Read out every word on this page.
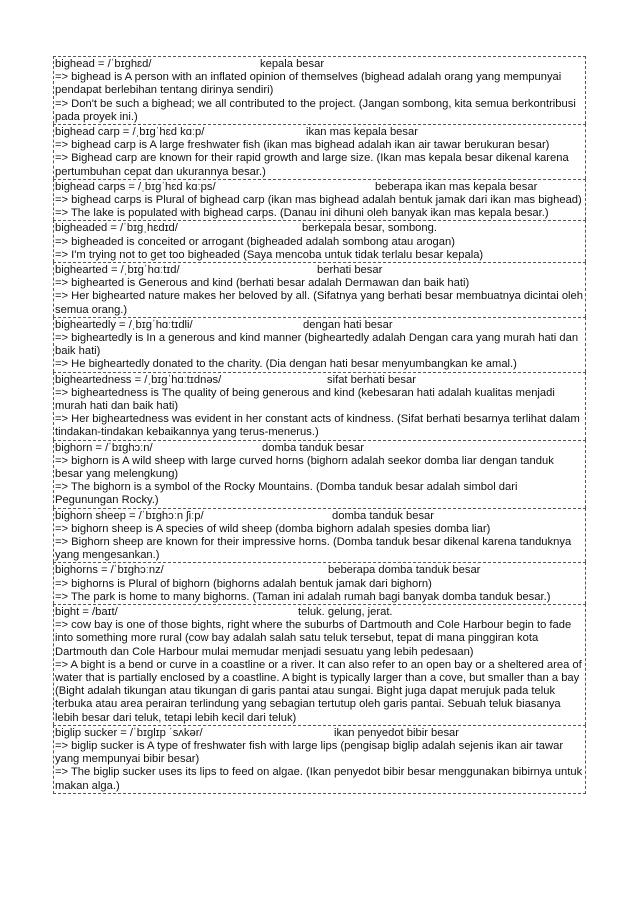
bighead = /ˈbɪɡhɛd/	kepala besar
=> bighead is A person with an inflated opinion of themselves (bighead adalah orang yang mempunyai pendapat berlebihan tentang dirinya sendiri)
=> Don't be such a bighead; we all contributed to the project. (Jangan sombong, kita semua berkontribusi pada proyek ini.)
bighead carp = /ˌbɪɡˈhɛd kɑːp/	ikan mas kepala besar
=> bighead carp is A large freshwater fish (ikan mas bighead adalah ikan air tawar berukuran besar)
=> Bighead carp are known for their rapid growth and large size. (Ikan mas kepala besar dikenal karena pertumbuhan cepat dan ukurannya besar.)
bighead carps = /ˌbɪɡˈhɛd kɑːps/	beberapa ikan mas kepala besar
=> bighead carps is Plural of bighead carp (ikan mas bighead adalah bentuk jamak dari ikan mas bighead)
=> The lake is populated with bighead carps. (Danau ini dihuni oleh banyak ikan mas kepala besar.)
bigheaded = /ˈbɪɡˌhɛdɪd/	berkepala besar, sombong.
=> bigheaded is conceited or arrogant (bigheaded adalah sombong atau arogan)
=> I'm trying not to get too bigheaded (Saya mencoba untuk tidak terlalu besar kepala)
bighearted = /ˌbɪɡˈhɑːtɪd/	berhati besar
=> bighearted is Generous and kind (berhati besar adalah Dermawan dan baik hati)
=> Her bighearted nature makes her beloved by all. (Sifatnya yang berhati besar membuatnya dicintai oleh semua orang.)
bigheartedly = /ˌbɪɡˈhɑːtɪdli/	dengan hati besar
=> bigheartedly is In a generous and kind manner (bigheartedly adalah Dengan cara yang murah hati dan baik hati)
=> He bigheartedly donated to the charity. (Dia dengan hati besar menyumbangkan ke amal.)
bigheartedness = /ˌbɪɡˈhɑːtɪdnəs/	sifat berhati besar
=> bigheartedness is The quality of being generous and kind (kebesaran hati adalah kualitas menjadi murah hati dan baik hati)
=> Her bigheartedness was evident in her constant acts of kindness. (Sifat berhati besarnya terlihat dalam tindakan-tindakan kebaikannya yang terus-menerus.)
bighorn = /ˈbɪɡhɔːn/	domba tanduk besar
=> bighorn is A wild sheep with large curved horns (bighorn adalah seekor domba liar dengan tanduk besar yang melengkung)
=> The bighorn is a symbol of the Rocky Mountains. (Domba tanduk besar adalah simbol dari Pegunungan Rocky.)
bighorn sheep = /ˈbɪɡhɔːn ʃiːp/	domba tanduk besar
=> bighorn sheep is A species of wild sheep (domba bighorn adalah spesies domba liar)
=> Bighorn sheep are known for their impressive horns. (Domba tanduk besar dikenal karena tanduknya yang mengesankan.)
bighorns = /ˈbɪɡhɔːnz/	beberapa domba tanduk besar
=> bighorns is Plural of bighorn (bighorns adalah bentuk jamak dari bighorn)
=> The park is home to many bighorns. (Taman ini adalah rumah bagi banyak domba tanduk besar.)
bight = /baɪt/	teluk. gelung, jerat.
=> cow bay is one of those bights, right where the suburbs of Dartmouth and Cole Harbour begin to fade into something more rural (cow bay adalah salah satu teluk tersebut, tepat di mana pinggiran kota Dartmouth dan Cole Harbour mulai memudar menjadi sesuatu yang lebih pedesaan)
=> A bight is a bend or curve in a coastline or a river. It can also refer to an open bay or a sheltered area of water that is partially enclosed by a coastline. A bight is typically larger than a cove, but smaller than a bay (Bight adalah tikungan atau tikungan di garis pantai atau sungai. Bight juga dapat merujuk pada teluk terbuka atau area perairan terlindung yang sebagian tertutup oleh garis pantai. Sebuah teluk biasanya lebih besar dari teluk, tetapi lebih kecil dari teluk)
biglip sucker = /ˈbɪɡlɪp ˈsʌkər/	ikan penyedot bibir besar
=> biglip sucker is A type of freshwater fish with large lips (pengisap biglip adalah sejenis ikan air tawar yang mempunyai bibir besar)
=> The biglip sucker uses its lips to feed on algae. (Ikan penyedot bibir besar menggunakan bibirnya untuk makan alga.)
